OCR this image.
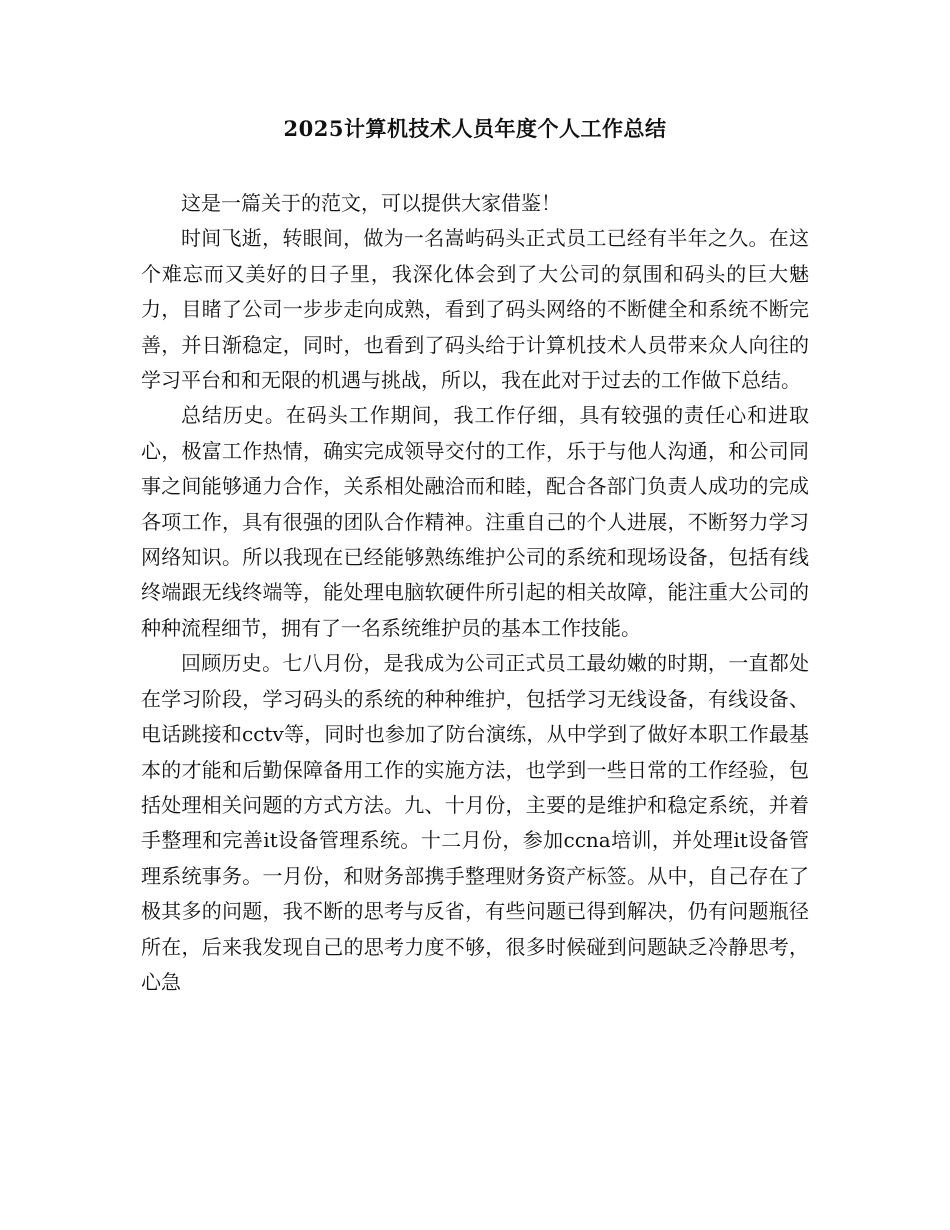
2025计算机技术人员年度个人工作总结

这是一篇关于的范文，可以提供大家借鉴！

时间飞逝，转眼间，做为一名嵩屿码头正式员工已经有半年之久。在这个难忘而又美好的日子里，我深化体会到了大公司的氛围和码头的巨大魅力，目睹了公司一步步走向成熟，看到了码头网络的不断健全和系统不断完善，并日渐稳定，同时，也看到了码头给于计算机技术人员带来众人向往的学习平台和和无限的机遇与挑战，所以，我在此对于过去的工作做下总结。

总结历史。在码头工作期间，我工作仔细，具有较强的责任心和进取心，极富工作热情，确实完成领导交付的工作，乐于与他人沟通，和公司同事之间能够通力合作，关系相处融洽而和睦，配合各部门负责人成功的完成各项工作，具有很强的团队合作精神。注重自己的个人进展，不断努力学习网络知识。所以我现在已经能够熟练维护公司的系统和现场设备，包括有线终端跟无线终端等，能处理电脑软硬件所引起的相关故障，能注重大公司的种种流程细节，拥有了一名系统维护员的基本工作技能。

回顾历史。七八月份，是我成为公司正式员工最幼嫩的时期，一直都处在学习阶段，学习码头的系统的种种维护，包括学习无线设备，有线设备、电话跳接和cctv等，同时也参加了防台演练，从中学到了做好本职工作最基本的才能和后勤保障备用工作的实施方法，也学到一些日常的工作经验，包括处理相关问题的方式方法。九、十月份，主要的是维护和稳定系统，并着手整理和完善it设备管理系统。十二月份，参加ccna培训，并处理it设备管理系统事务。一月份，和财务部携手整理财务资产标签。从中，自己存在了极其多的问题，我不断的思考与反省，有些问题已得到解决，仍有问题瓶径所在，后来我发现自己的思考力度不够，很多时候碰到问题缺乏冷静思考，心急
